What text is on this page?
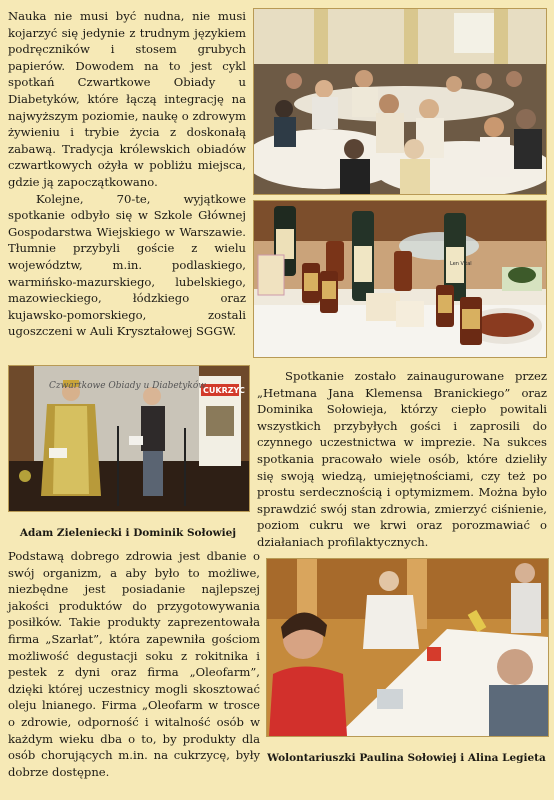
Nauka nie musi być nudna, nie musi kojarzyć się jedynie z trudnym językiem podręczników i stosem grubych papierów. Dowodem na to jest cykl spotkań Czwartkowe Obiady u Diabetyków, które łączą integrację na najwyższym poziomie, naukę o zdrowym żywieniu i trybie życia z doskonałą zabawą. Tradycja królewskich obiadów czwartkowych ożyła w pobliżu miejsca, gdzie ją zapoczątkowano.

Kolejne, 70-te, wyjątkowe spotkanie odbyło się w Szkole Głównej Gospodarstwa Wiejskiego w Warszawie. Tłumnie przybyli goście z wielu województw, m.in. podlaskiego, warmińsko-mazurskiego, lubelskiego, mazowieckiego, łódzkiego oraz kujawsko-pomorskiego, zostali ugoszczeni w Auli Kryształowej SGGW.

Len Vital
Czwartkowe Obiady u Diabetyków
CUKRZYC

Adam Zieleniecki i Dominik Sołowiej

Spotkanie zostało zainaugurowane przez „Hetmana Jana Klemensa Branickiego” oraz Dominika Sołowieja, którzy ciepło powitali wszystkich przybyłych gości i zaprosili do czynnego uczestnictwa w imprezie. Na sukces spotkania pracowało wiele osób, które dzieliły się swoją wiedzą, umiejętnościami, czy też po prostu serdecznością i optymizmem. Można było sprawdzić swój stan zdrowia, zmierzyć ciśnienie, poziom cukru we krwi oraz porozmawiać o działaniach profilaktycznych.

Podstawą dobrego zdrowia jest dbanie o swój organizm, a aby było to możliwe, niezbędne jest posiadanie najlepszej jakości produktów do przygotowywania posiłków. Takie produkty zaprezentowała firma „Szarłat”, która zapewniła gościom możliwość degustacji soku z rokitnika i pestek z dyni oraz firma „Oleofarm”, dzięki której uczestnicy mogli skosztować oleju lnianego. Firma „Oleofarm w trosce o zdrowie, odporność i witalność osób w każdym wieku dba o to, by produkty dla osób chorujących m.in. na cukrzycę, były dobrze dostępne.

Wolontariuszki Paulina Sołowiej i Alina Legieta
